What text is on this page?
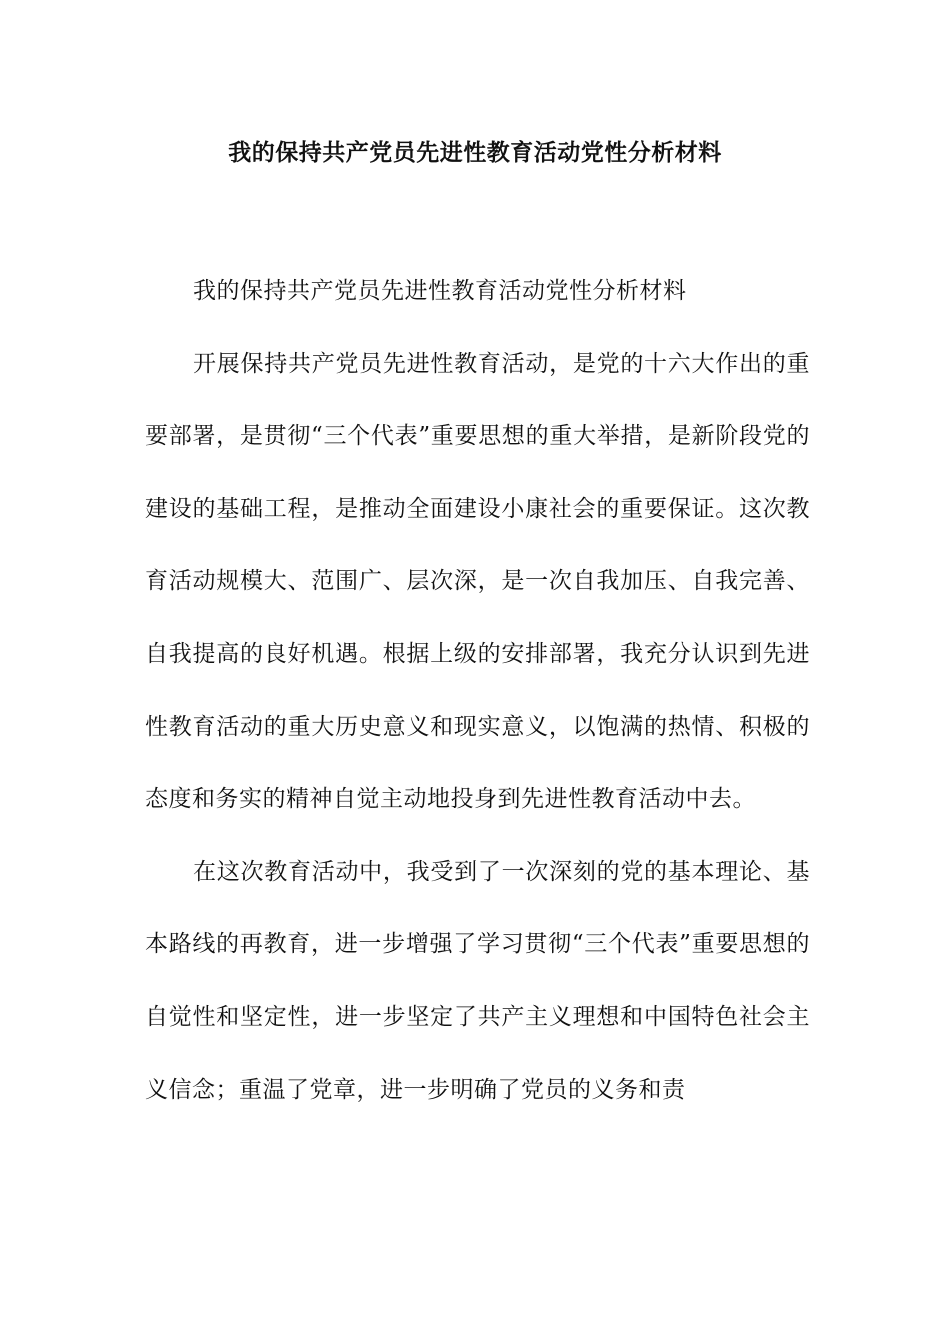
我的保持共产党员先进性教育活动党性分析材料

我的保持共产党员先进性教育活动党性分析材料

开展保持共产党员先进性教育活动，是党的十六大作出的重要部署，是贯彻“三个代表”重要思想的重大举措，是新阶段党的建设的基础工程，是推动全面建设小康社会的重要保证。这次教育活动规模大、范围广、层次深，是一次自我加压、自我完善、自我提高的良好机遇。根据上级的安排部署，我充分认识到先进性教育活动的重大历史意义和现实意义，以饱满的热情、积极的态度和务实的精神自觉主动地投身到先进性教育活动中去。

在这次教育活动中，我受到了一次深刻的党的基本理论、基本路线的再教育，进一步增强了学习贯彻“三个代表”重要思想的自觉性和坚定性，进一步坚定了共产主义理想和中国特色社会主义信念；重温了党章，进一步明确了党员的义务和责
